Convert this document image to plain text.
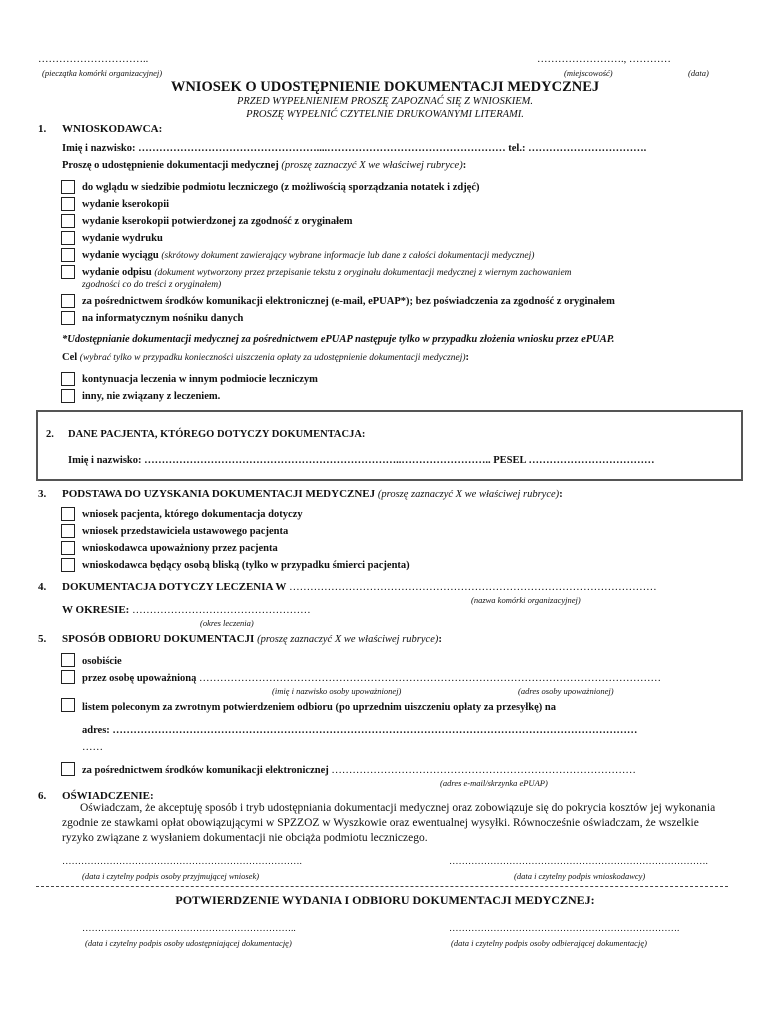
…………………………..
(pieczątka komórki organizacyjnej)
……………………., …………
(miejscowość)	(data)
WNIOSEK O UDOSTĘPNIENIE DOKUMENTACJI MEDYCZNEJ
PRZED WYPEŁNIENIEM PROSZĘ ZAPOZNAĆ SIĘ Z WNIOSKIEM.
PROSZĘ WYPEŁNIĆ CZYTELNIE DRUKOWANYMI LITERAMI.
1. WNIOSKODAWCA:
Imię i nazwisko: ……………………………………………....…………………………………………… tel.: …………………………….
Proszę o udostępnienie dokumentacji medycznej (proszę zaznaczyć X we właściwej rubryce):
do wglądu w siedzibie podmiotu leczniczego (z możliwością sporządzania notatek i zdjęć)
wydanie kserokopii
wydanie kserokopii potwierdzonej za zgodność z oryginałem
wydanie wydruku
wydanie wyciągu (skrótowy dokument zawierający wybrane informacje lub dane z całości dokumentacji medycznej)
wydanie odpisu (dokument wytworzony przez przepisanie tekstu z oryginału dokumentacji medycznej z wiernym zachowaniem
zgodności co do treści z oryginałem)
za pośrednictwem środków komunikacji elektronicznej (e-mail, ePUAP*); bez poświadczenia za zgodność z oryginałem
na informatycznym nośniku danych
*Udostępnianie dokumentacji medycznej za pośrednictwem ePUAP następuje tylko w przypadku złożenia wniosku przez ePUAP.
Cel (wybrać tylko w przypadku konieczności uiszczenia opłaty za udostępnienie dokumentacji medycznej):
kontynuacja leczenia w innym podmiocie leczniczym
inny, nie związany z leczeniem.
2. DANE PACJENTA, KTÓREGO DOTYCZY DOKUMENTACJA:
Imię i nazwisko: ………………………………………………………………..…………………….. PESEL ………………………………
3. PODSTAWA DO UZYSKANIA DOKUMENTACJI MEDYCZNEJ (proszę zaznaczyć X we właściwej rubryce):
wniosek pacjenta, którego dokumentacja dotyczy
wniosek przedstawiciela ustawowego pacjenta
wnioskodawca upoważniony przez pacjenta
wnioskodawca będący osobą bliską (tylko w przypadku śmierci pacjenta)
4. DOKUMENTACJA DOTYCZY LECZENIA W ……………………………………………………………………………………………
(nazwa komórki organizacyjnej)
W OKRESIE: ……………………………………………
(okres leczenia)
5. SPOSÓB ODBIORU DOKUMENTACJI (proszę zaznaczyć X we właściwej rubryce):
osobiście
przez osobę upoważnioną ……………………………………………………………………………………………………………………
(imię i nazwisko osoby upoważnionej)	(adres osoby upoważnionej)
listem poleconym za zwrotnym potwierdzeniem odbioru (po uprzednim uiszczeniu opłaty za przesyłkę) na
adres: ……………………………………………………………………………………………………………………………………
……
za pośrednictwem środków komunikacji elektronicznej ……………………………………………………………………………
(adres e-mail/skrzynka ePUAP)
6. OŚWIADCZENIE:
Oświadczam, że akceptuję sposób i tryb udostępniania dokumentacji medycznej oraz zobowiązuje się do pokrycia kosztów jej wykonania zgodnie ze stawkami opłat obowiązującymi w SPZZOZ w Wyszkowie oraz ewentualnej wysyłki. Równocześnie oświadczam, że wszelkie ryzyko związane z wysłaniem dokumentacji nie obciąża podmiotu leczniczego.
………………………………………………………………….
(data i czytelny podpis osoby przyjmującej wniosek)
……………………………………………………………………….
(data i czytelny podpis wnioskodawcy)
POTWIERDZENIE WYDANIA I ODBIORU DOKUMENTACJI MEDYCZNEJ:
…………………………………………………………..
(data i czytelny podpis osoby udostępniającej dokumentację)
……………………………………………………………….
(data i czytelny podpis osoby odbierającej dokumentację)
